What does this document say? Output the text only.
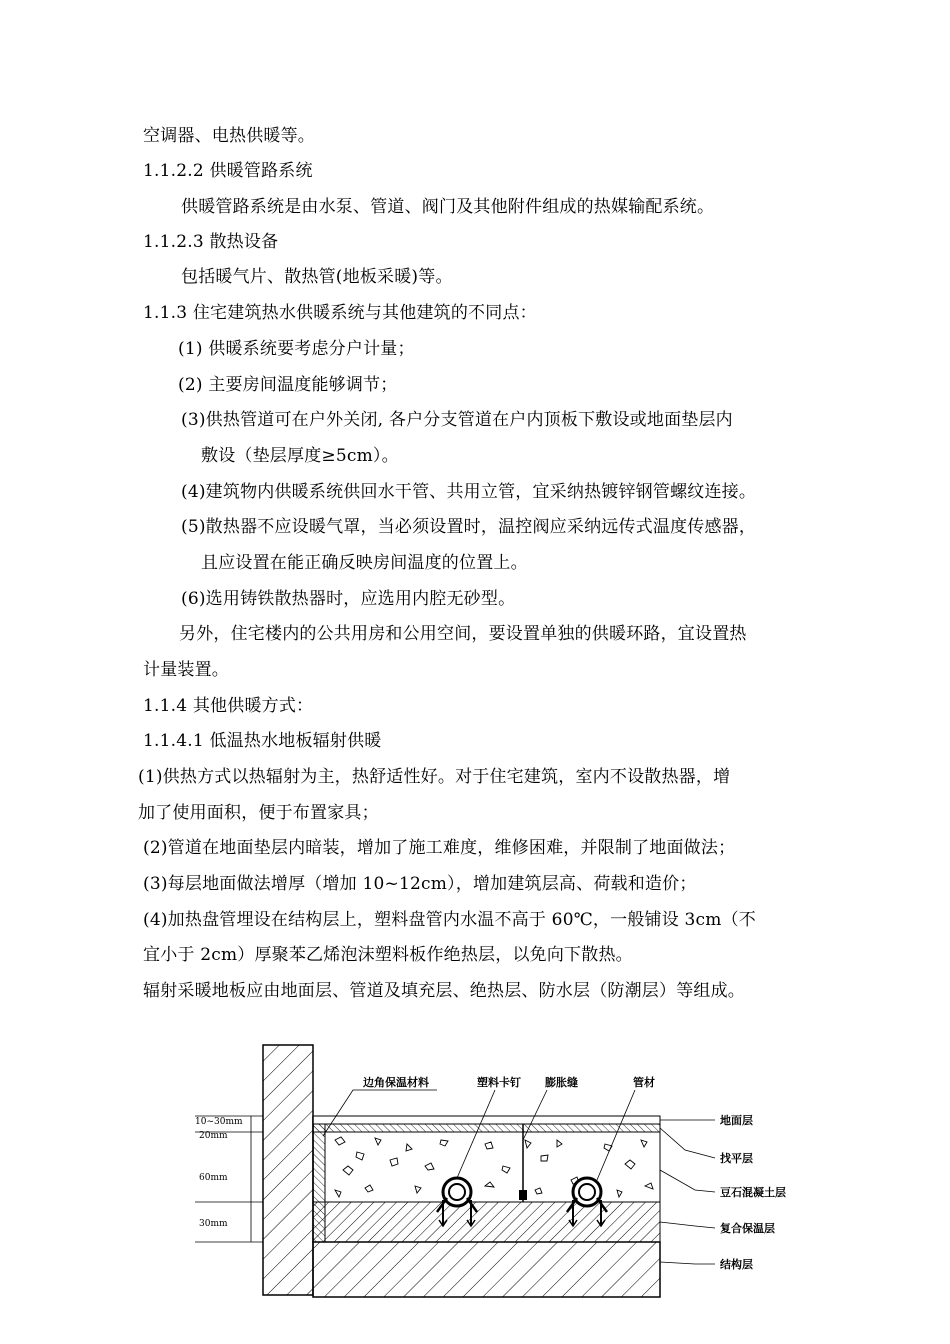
空调器、电热供暖等。
1.1.2.2 供暖管路系统
供暖管路系统是由水泵、管道、阀门及其他附件组成的热媒输配系统。
1.1.2.3 散热设备
包括暖气片、散热管(地板采暖)等。
1.1.3 住宅建筑热水供暖系统与其他建筑的不同点：
(1) 供暖系统要考虑分户计量；
(2) 主要房间温度能够调节；
(3)供热管道可在户外关闭, 各户分支管道在户内顶板下敷设或地面垫层内
敷设（垫层厚度≥5cm）。
(4)建筑物内供暖系统供回水干管、共用立管，宜采纳热镀锌钢管螺纹连接。
(5)散热器不应设暖气罩，当必须设置时，温控阀应采纳远传式温度传感器，
且应设置在能正确反映房间温度的位置上。
(6)选用铸铁散热器时，应选用内腔无砂型。
另外，住宅楼内的公共用房和公用空间，要设置单独的供暖环路，宜设置热
计量装置。
1.1.4 其他供暖方式：
1.1.4.1 低温热水地板辐射供暖
(1)供热方式以热辐射为主，热舒适性好。对于住宅建筑，室内不设散热器，增
加了使用面积，便于布置家具；
(2)管道在地面垫层内暗装，增加了施工难度，维修困难，并限制了地面做法；
(3)每层地面做法增厚（增加 10~12cm），增加建筑层高、荷载和造价；
(4)加热盘管埋设在结构层上，塑料盘管内水温不高于 60℃，一般铺设 3cm（不
宜小于 2cm）厚聚苯乙烯泡沫塑料板作绝热层，以免向下散热。
辐射采暖地板应由地面层、管道及填充层、绝热层、防水层（防潮层）等组成。
边角保温材料	塑料卡钉 膨胀缝	管材
地面层
找平层
豆石混凝土层
复合保温层
结构层
10~30mm
20mm
60mm
30mm
